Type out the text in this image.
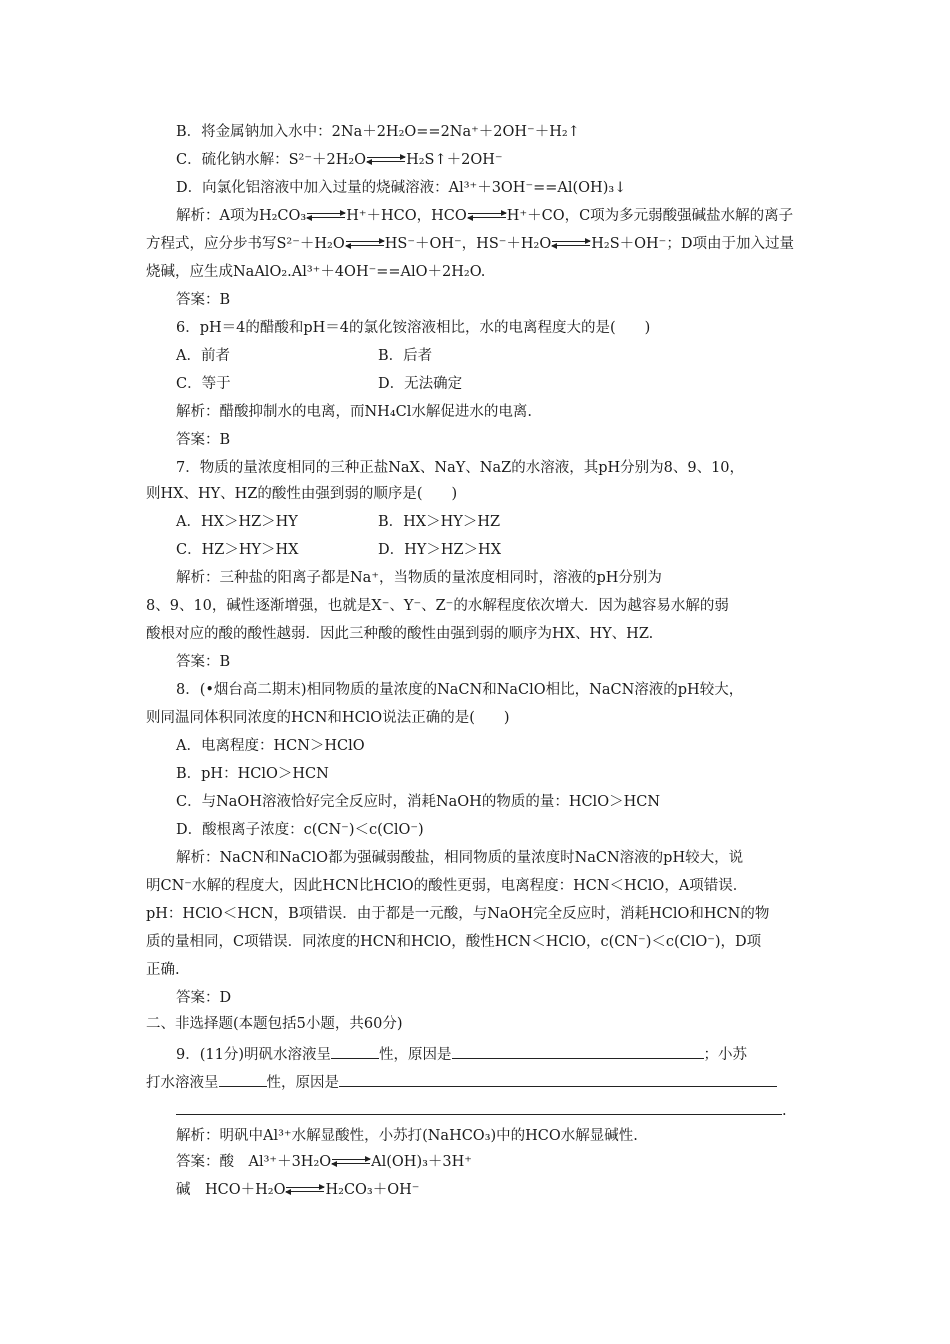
B．将金属钠加入水中：2Na＋2H₂O==2Na⁺＋2OH⁻＋H₂↑
C．硫化钠水解：S²⁻＋2H₂O	H₂S↑＋2OH⁻
D．向氯化铝溶液中加入过量的烧碱溶液：Al³⁺＋3OH⁻==Al(OH)₃↓
解析：A项为H₂CO₃	H⁺＋HCO，HCO	H⁺＋CO，C项为多元弱酸强碱盐水解的离子
方程式，应分步书写S²⁻＋H₂O	HS⁻＋OH⁻，HS⁻＋H₂O	H₂S＋OH⁻；D项由于加入过量
烧碱，应生成NaAlO₂.Al³⁺＋4OH⁻==AlO＋2H₂O.
答案：B
6．pH＝4的醋酸和pH＝4的氯化铵溶液相比，水的电离程度大的是(　　)
A．前者	B．后者
C．等于	D．无法确定
解析：醋酸抑制水的电离，而NH₄Cl水解促进水的电离.
答案：B
7．物质的量浓度相同的三种正盐NaX、NaY、NaZ的水溶液，其pH分别为8、9、10，
则HX、HY、HZ的酸性由强到弱的顺序是(　　)
A．HX＞HZ＞HY	B．HX＞HY＞HZ
C．HZ＞HY＞HX	D．HY＞HZ＞HX
解析：三种盐的阳离子都是Na⁺，当物质的量浓度相同时，溶液的pH分别为
8、9、10，碱性逐渐增强，也就是X⁻、Y⁻、Z⁻的水解程度依次增大．因为越容易水解的弱
酸根对应的酸的酸性越弱．因此三种酸的酸性由强到弱的顺序为HX、HY、HZ.
答案：B
8．(•烟台高二期末)相同物质的量浓度的NaCN和NaClO相比，NaCN溶液的pH较大，
则同温同体积同浓度的HCN和HClO说法正确的是(　　)
A．电离程度：HCN＞HClO
B．pH：HClO＞HCN
C．与NaOH溶液恰好完全反应时，消耗NaOH的物质的量：HClO＞HCN
D．酸根离子浓度：c(CN⁻)＜c(ClO⁻)
解析：NaCN和NaClO都为强碱弱酸盐，相同物质的量浓度时NaCN溶液的pH较大，说
明CN⁻水解的程度大，因此HCN比HClO的酸性更弱，电离程度：HCN＜HClO，A项错误．
pH：HClO＜HCN，B项错误．由于都是一元酸，与NaOH完全反应时，消耗HClO和HCN的物
质的量相同，C项错误．同浓度的HCN和HClO，酸性HCN＜HClO，c(CN⁻)＜c(ClO⁻)，D项
正确.
答案：D
二、非选择题(本题包括5小题，共60分)
9．(11分)明矾水溶液呈	性，原因是	；小苏
打水溶液呈	性，原因是
.
解析：明矾中Al³⁺水解显酸性，小苏打(NaHCO₃)中的HCO水解显碱性.
答案：酸　Al³⁺＋3H₂O	Al(OH)₃＋3H⁺
碱　HCO＋H₂O	H₂CO₃＋OH⁻
